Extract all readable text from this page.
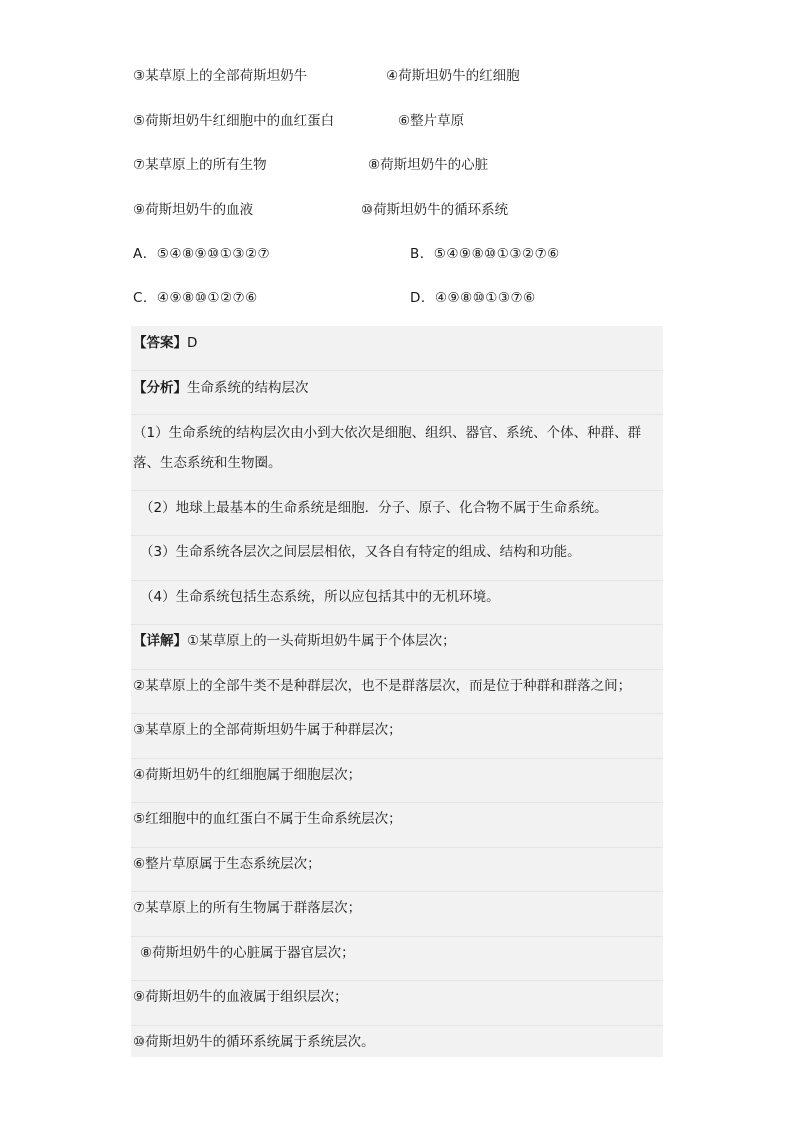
③某草原上的全部荷斯坦奶牛	④荷斯坦奶牛的红细胞
⑤荷斯坦奶牛红细胞中的血红蛋白	⑥整片草原
⑦某草原上的所有生物	⑧荷斯坦奶牛的心脏
⑨荷斯坦奶牛的血液	⑩荷斯坦奶牛的循环系统
A．⑤④⑧⑨⑩①③②⑦	B．⑤④⑨⑧⑩①③②⑦⑥
C．④⑨⑧⑩①②⑦⑥	D．④⑨⑧⑩①③⑦⑥
【答案】D
【分析】生命系统的结构层次
（1）生命系统的结构层次由小到大依次是细胞、组织、器官、系统、个体、种群、群
落、生态系统和生物圈。
（2）地球上最基本的生命系统是细胞．分子、原子、化合物不属于生命系统。
（3）生命系统各层次之间层层相依，又各自有特定的组成、结构和功能。
（4）生命系统包括生态系统，所以应包括其中的无机环境。
【详解】①某草原上的一头荷斯坦奶牛属于个体层次；
②某草原上的全部牛类不是种群层次，也不是群落层次，而是位于种群和群落之间；
③某草原上的全部荷斯坦奶牛属于种群层次；
④荷斯坦奶牛的红细胞属于细胞层次；
⑤红细胞中的血红蛋白不属于生命系统层次；
⑥整片草原属于生态系统层次；
⑦某草原上的所有生物属于群落层次；
⑧荷斯坦奶牛的心脏属于器官层次；
⑨荷斯坦奶牛的血液属于组织层次；
⑩荷斯坦奶牛的循环系统属于系统层次。
